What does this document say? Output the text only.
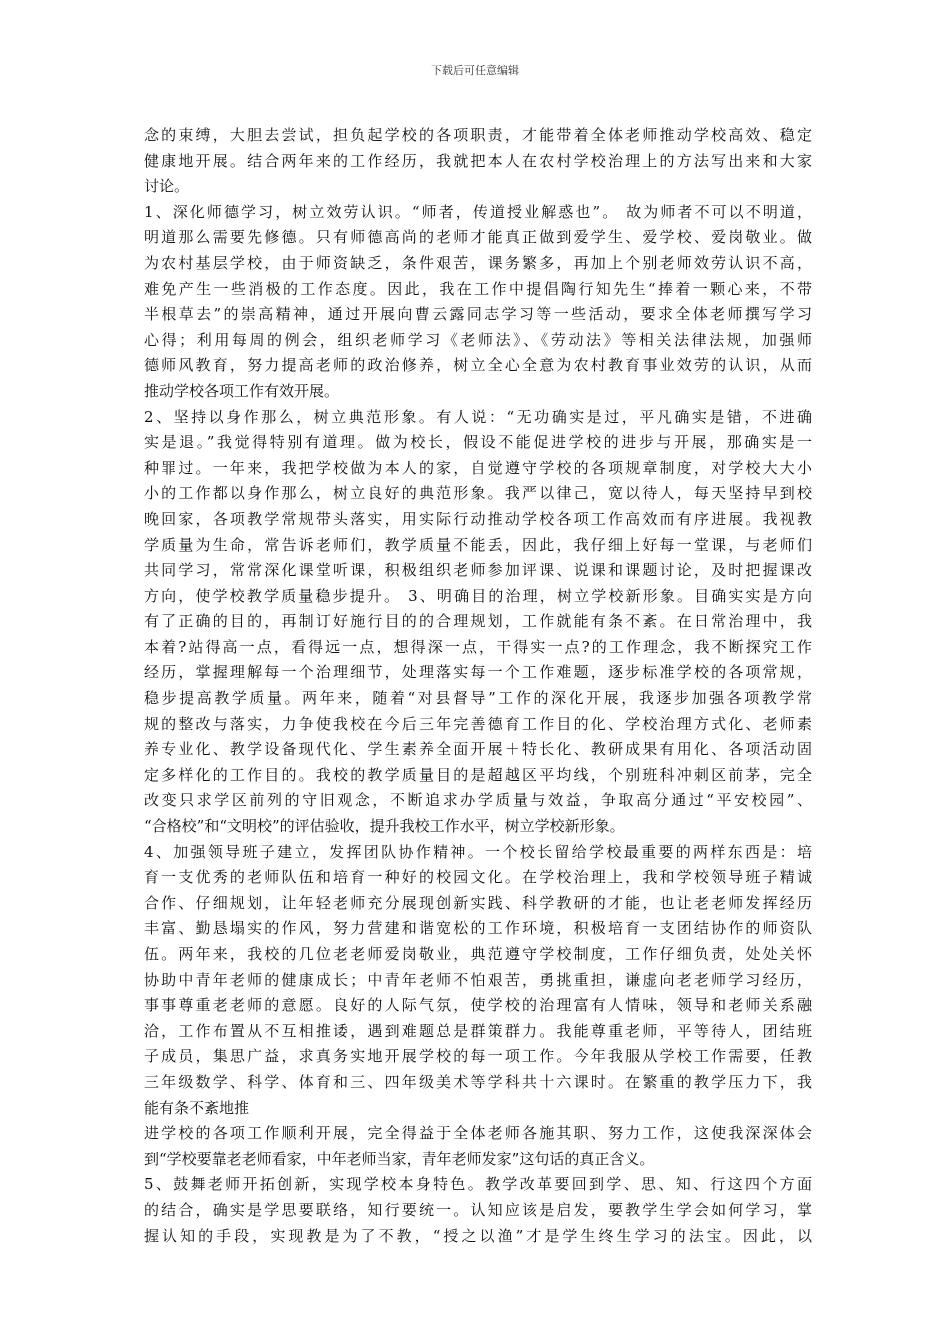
下载后可任意编辑
念的束缚，大胆去尝试，担负起学校的各项职责，才能带着全体老师推动学校高效、稳定
健康地开展。结合两年来的工作经历，我就把本人在农村学校治理上的方法写出来和大家
讨论。
1、深化师德学习，树立效劳认识。“师者，传道授业解惑也”。 故为师者不可以不明道，
明道那么需要先修德。只有师德高尚的老师才能真正做到爱学生、爱学校、爱岗敬业。做
为农村基层学校，由于师资缺乏，条件艰苦，课务繁多，再加上个别老师效劳认识不高，
难免产生一些消极的工作态度。因此，我在工作中提倡陶行知先生“捧着一颗心来，不带
半根草去”的崇高精神，通过开展向曹云露同志学习等一些活动，要求全体老师撰写学习
心得；利用每周的例会，组织老师学习《老师法》、《劳动法》等相关法律法规，加强师
德师风教育，努力提高老师的政治修养，树立全心全意为农村教育事业效劳的认识，从而
推动学校各项工作有效开展。
2、坚持以身作那么，树立典范形象。有人说：“无功确实是过，平凡确实是错，不进确
实是退。”我觉得特别有道理。做为校长，假设不能促进学校的进步与开展，那确实是一
种罪过。一年来，我把学校做为本人的家，自觉遵守学校的各项规章制度，对学校大大小
小的工作都以身作那么，树立良好的典范形象。我严以律己，宽以待人，每天坚持早到校
晚回家，各项教学常规带头落实，用实际行动推动学校各项工作高效而有序进展。我视教
学质量为生命，常告诉老师们，教学质量不能丢，因此，我仔细上好每一堂课，与老师们
共同学习，常常深化课堂听课，积极组织老师参加评课、说课和课题讨论，及时把握课改
方向，使学校教学质量稳步提升。 3、明确目的治理，树立学校新形象。目确实实是方向
有了正确的目的，再制订好施行目的的合理规划，工作就能有条不紊。在日常治理中，我
本着?站得高一点，看得远一点，想得深一点，干得实一点?的工作理念，我不断探究工作
经历，掌握理解每一个治理细节，处理落实每一个工作难题，逐步标准学校的各项常规，
稳步提高教学质量。两年来，随着“对县督导”工作的深化开展，我逐步加强各项教学常
规的整改与落实，力争使我校在今后三年完善德育工作目的化、学校治理方式化、老师素
养专业化、教学设备现代化、学生素养全面开展＋特长化、教研成果有用化、各项活动固
定多样化的工作目的。我校的教学质量目的是超越区平均线，个别班科冲刺区前茅，完全
改变只求学区前列的守旧观念，不断追求办学质量与效益，争取高分通过“平安校园”、
“合格校”和“文明校”的评估验收，提升我校工作水平，树立学校新形象。
4、加强领导班子建立，发挥团队协作精神。一个校长留给学校最重要的两样东西是：培
育一支优秀的老师队伍和培育一种好的校园文化。在学校治理上，我和学校领导班子精诚
合作、仔细规划，让年轻老师充分展现创新实践、科学教研的才能，也让老老师发挥经历
丰富、勤恳塌实的作风，努力营建和谐宽松的工作环境，积极培育一支团结协作的师资队
伍。两年来，我校的几位老老师爱岗敬业，典范遵守学校制度，工作仔细负责，处处关怀
协助中青年老师的健康成长；中青年老师不怕艰苦，勇挑重担，谦虚向老老师学习经历，
事事尊重老老师的意愿。良好的人际气氛，使学校的治理富有人情味，领导和老师关系融
洽，工作布置从不互相推诿，遇到难题总是群策群力。我能尊重老师，平等待人，团结班
子成员，集思广益，求真务实地开展学校的每一项工作。今年我服从学校工作需要，任教
三年级数学、科学、体育和三、四年级美术等学科共十六课时。在繁重的教学压力下，我
能有条不紊地推
进学校的各项工作顺利开展，完全得益于全体老师各施其职、努力工作，这使我深深体会
到“学校要靠老老师看家，中年老师当家，青年老师发家”这句话的真正含义。
5、鼓舞老师开拓创新，实现学校本身特色。教学改革要回到学、思、知、行这四个方面
的结合，确实是学思要联络，知行要统一。认知应该是启发，要教学生学会如何学习，掌
握认知的手段，实现教是为了不教，“授之以渔”才是学生终生学习的法宝。因此，以
